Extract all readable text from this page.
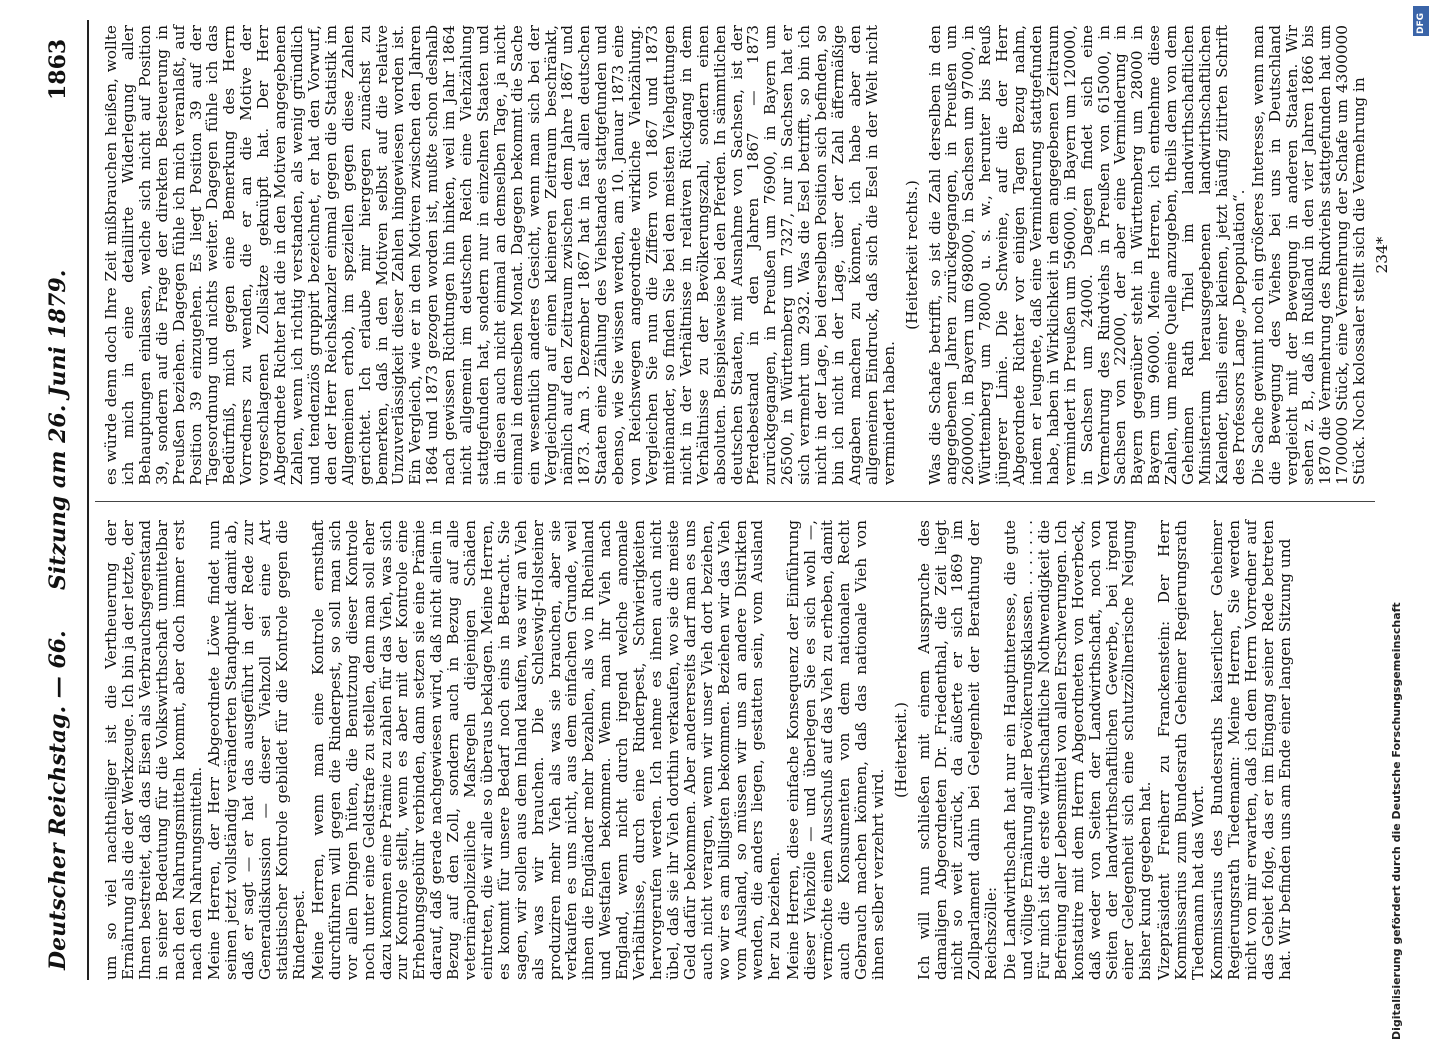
Deutscher Reichstag. — 66.
Sitzung am 26. Juni 1879.
1863

um so viel nachtheiliger ist die Vertheuerung der Ernährung als die der Werkzeuge. Ich bin ja der letzte, der Ihnen bestreitet, daß das Eisen als Verbrauchsgegenstand in seiner Bedeutung für die Volkswirthschaft unmittelbar nach den Nahrungsmitteln kommt, aber doch immer erst nach den Nahrungsmitteln. Meine Herren, der Herr Abgeordnete Löwe findet nun seinen jetzt vollständig veränderten Standpunkt damit ab, daß er sagt — er hat das ausgeführt in der Rede zur Generaldiskussion — dieser Viehzoll sei eine Art statistischer Kontrole gebildet für die Kontrole gegen die Rinderpest. Meine Herren, wenn man eine Kontrole ernsthaft durchführen will gegen die Rinderpest, so soll man sich vor allen Dingen hüten, die Benutzung dieser Kontrole noch unter eine Geldstrafe zu stellen, denn man soll eher dazu kommen eine Prämie zu zahlen für das Vieh, was sich zur Kontrole stellt, wenn es aber mit der Kontrole eine Erhebungsgebühr verbinden, dann setzen sie eine Prämie darauf, daß gerade nachgewiesen wird, daß nicht allein in Bezug auf den Zoll, sondern auch in Bezug auf alle veterinärpolizeiliche Maßregeln diejenigen Schäden eintreten, die wir alle so überaus beklagen. Meine Herren, es kommt für unsere Bedarf noch eins in Betracht. Sie sagen, wir sollen aus dem Inland kaufen, was wir an Vieh als was wir brauchen. Die Schleswig-Holsteiner produziren mehr Vieh als was sie brauchen, aber sie verkaufen es uns nicht, aus dem einfachen Grunde, weil ihnen die Engländer mehr bezahlen, als wo in Rheinland und Westfalen bekommen. Wenn man ihr Vieh nach England, wenn nicht durch irgend welche anomale Verhältnisse, durch eine Rinderpest, Schwierigkeiten hervorgerufen werden. Ich nehme es ihnen auch nicht übel, daß sie ihr Vieh dorthin verkaufen, wo sie die meiste Geld dafür bekommen. Aber andererseits darf man es uns auch nicht verargen, wenn wir unser Vieh dort beziehen, wo wir es am billigsten bekommen. Beziehen wir das Vieh vom Ausland, so müssen wir uns an andere Distrikten wenden, die anders liegen, gestatten sein, vom Ausland her zu beziehen. Meine Herren, diese einfache Konsequenz der Einführung dieser Viehzölle — und überlegen Sie es sich wohl —, vermöchte einen Ausschuß auf das Vieh zu erheben, damit auch die Konsumenten von dem nationalen Recht Gebrauch machen können, daß das nationale Vieh von ihnen selber verzehrt wird.

(Heiterkeit.) Ich will nun schließen mit einem Ausspruche des damaligen Abgeordneten Dr. Friedenthal, die Zeit liegt nicht so weit zurück, da äußerte er sich 1869 im Zollparlament dahin bei Gelegenheit der Berathung der Reichszölle: Die Landwirthschaft hat nur ein Hauptinteresse, die gute und völlige Ernährung aller Bevölkerungsklassen. . . . . . . . Für mich ist die erste wirthschaftliche Nothwendigkeit die Befreiung aller Lebensmittel von allen Erschwerungen. Ich konstatire mit dem Herrn Abgeordneten von Hoverbeck, daß weder von Seiten der Landwirthschaft, noch von Seiten der landwirthschaftlichen Gewerbe, bei irgend einer Gelegenheit sich eine schutzzöllnerische Neigung bisher kund gegeben hat. Vizepräsident Freiherr zu Franckenstein: Der Herr Kommissarius zum Bundesrath Geheimer Regierungsrath Tiedemann hat das Wort. Kommissarius des Bundesraths kaiserlicher Geheimer Regierungsrath Tiedemann: Meine Herren, Sie werden nicht von mir erwarten, daß ich dem Herrn Vorredner auf das Gebiet folge, das er im Eingang seiner Rede betreten hat. Wir befinden uns am Ende einer langen Sitzung und

es würde denn doch Ihre Zeit mißbrauchen heißen, wollte ich mich in eine detaillirte Widerlegung aller Behauptungen einlassen, welche sich nicht auf Position 39, sondern auf die Frage der direkten Besteuerung in Preußen beziehen. Dagegen fühle ich mich veranlaßt, auf Position 39 einzugehen. Es liegt Position 39 auf der Tagesordnung und nichts weiter. Dagegen fühle ich das Bedürfniß, mich gegen eine Bemerkung des Herrn Vorredners zu wenden, die er an die Motive der vorgeschlagenen Zollsätze geknüpft hat. Der Herr Abgeordnete Richter hat die in den Motiven angegebenen Zahlen, wenn ich richtig verstanden, als wenig gründlich und tendenziös gruppirt bezeichnet, er hat den Vorwurf, den der Herr Reichskanzler einmal gegen die Statistik im Allgemeinen erhob, im speziellen gegen diese Zahlen gerichtet. Ich erlaube mir hiergegen zunächst zu bemerken, daß in den Motiven selbst auf die relative Unzuverlässigkeit dieser Zahlen hingewiesen worden ist. Ein Vergleich, wie er in den Motiven zwischen den Jahren 1864 und 1873 gezogen worden ist, mußte schon deshalb nach gewissen Richtungen hin hinken, weil im Jahr 1864 nicht allgemein im deutschen Reich eine Viehzählung stattgefunden hat, sondern nur in einzelnen Staaten und in diesen auch nicht einmal an demselben Tage, ja nicht einmal in demselben Monat. Dagegen bekommt die Sache ein wesentlich anderes Gesicht, wenn man sich bei der Vergleichung auf einen kleineren Zeitraum beschränkt, nämlich auf den Zeitraum zwischen dem Jahre 1867 und 1873. Am 3. Dezember 1867 hat in fast allen deutschen Staaten eine Zählung des Viehstandes stattgefunden und ebenso, wie Sie wissen werden, am 10. Januar 1873 eine von Reichswegen angeordnete wirkliche Viehzählung. Vergleichen Sie nun die Ziffern von 1867 und 1873 miteinander, so finden Sie bei den meisten Viehgattungen nicht in der Verhältnisse in relativen Rückgang in dem Verhältnisse zu der Bevölkerungszahl, sondern einen absoluten. Beispielsweise bei den Pferden. In sämmtlichen deutschen Staaten, mit Ausnahme von Sachsen, ist der Pferdebestand in den Jahren 1867 — 1873 zurückgegangen, in Preußen um 76900, in Bayern um 26500, in Württemberg um 7327, nur in Sachsen hat er sich vermehrt um 2932. Was die Esel betrifft, so bin ich nicht in der Lage, bei derselben Position sich befinden, so bin ich nicht in der Lage, über der Zahl äffermäßige Angaben machen zu können, ich habe aber den allgemeinen Eindruck, daß sich die Esel in der Welt nicht vermindert haben.

(Heiterkeit rechts.) Was die Schafe betrifft, so ist die Zahl derselben in den angegebenen Jahren zurückgegangen, in Preußen um 2600000, in Bayern um 698000, in Sachsen um 97000, in Württemberg um 78000 u. s. w., herunter bis Reuß jüngerer Linie. Die Schweine, auf die der Herr Abgeordnete Richter vor einigen Tagen Bezug nahm, indem er leugnete, daß eine Verminderung stattgefunden habe, haben in Wirklichkeit in dem angegebenen Zeitraum vermindert in Preußen um 596000, in Bayern um 120000, in Sachsen um 24000. Dagegen findet sich eine Vermehrung des Rindviehs in Preußen von 615000, in Sachsen von 22000, der aber eine Verminderung in Bayern gegenüber steht in Württemberg um 28000 in Bayern um 96000. Meine Herren, ich entnehme diese Zahlen, um meine Quelle anzugeben, theils dem von dem Geheimen Rath Thiel im landwirthschaftlichen Ministerium herausgegebenen landwirthschaftlichen Kalender, theils einer kleinen, jetzt häufig zitirten Schrift des Professors Lange „Depopulation“. Die Sache gewinnt noch ein größeres Interesse, wenn man die Bewegung des Viehes bei uns in Deutschland vergleicht mit der Bewegung in anderen Staaten. Wir sehen z. B., daß in Rußland in den vier Jahren 1866 bis 1870 die Vermehrung des Rindviehs stattgefunden hat um 1700000 Stück, eine Vermehrung der Schafe um 4300000 Stück. Noch kolossaler stellt sich die Vermehrung in 234*

Digitalisierung gefördert durch die Deutsche Forschungsgemeinschaft
DFG
